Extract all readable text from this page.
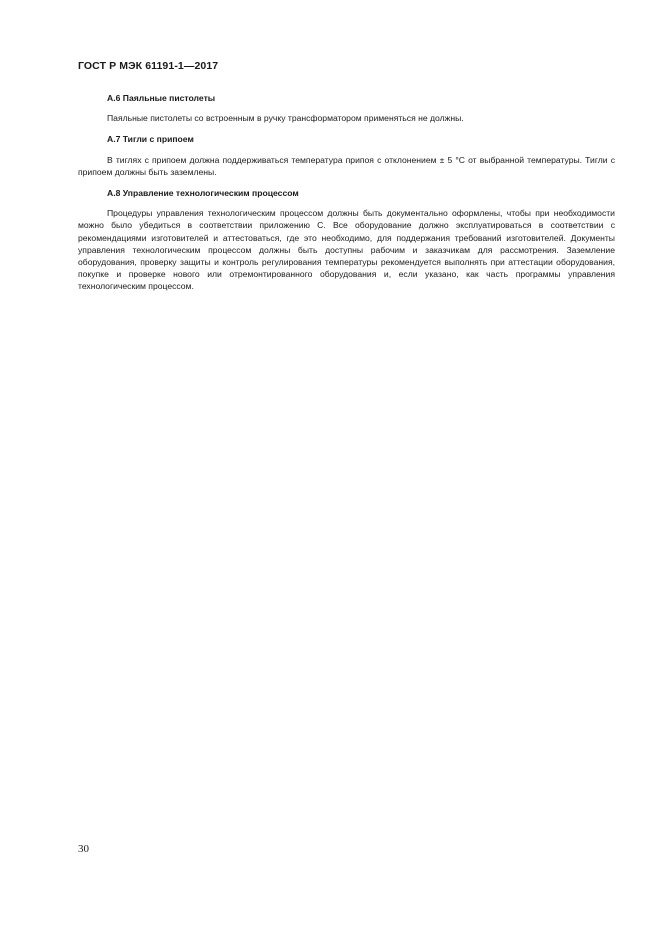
ГОСТ Р МЭК 61191-1—2017
А.6 Паяльные пистолеты

Паяльные пистолеты со встроенным в ручку трансформатором применяться не должны.

А.7 Тигли с припоем

В тиглях с припоем должна поддерживаться температура припоя с отклонением ± 5 °С от выбранной температуры. Тигли с припоем должны быть заземлены.

А.8 Управление технологическим процессом

Процедуры управления технологическим процессом должны быть документально оформлены, чтобы при необходимости можно было убедиться в соответствии приложению С. Все оборудование должно эксплуатироваться в соответствии с рекомендациями изготовителей и аттестоваться, где это необходимо, для поддержания требований изготовителей. Документы управления технологическим процессом должны быть доступны рабочим и заказчикам для рассмотрения. Заземление оборудования, проверку защиты и контроль регулирования температуры рекомендуется выполнять при аттестации оборудования, покупке и проверке нового или отремонтированного оборудования и, если указано, как часть программы управления технологическим процессом.

30
